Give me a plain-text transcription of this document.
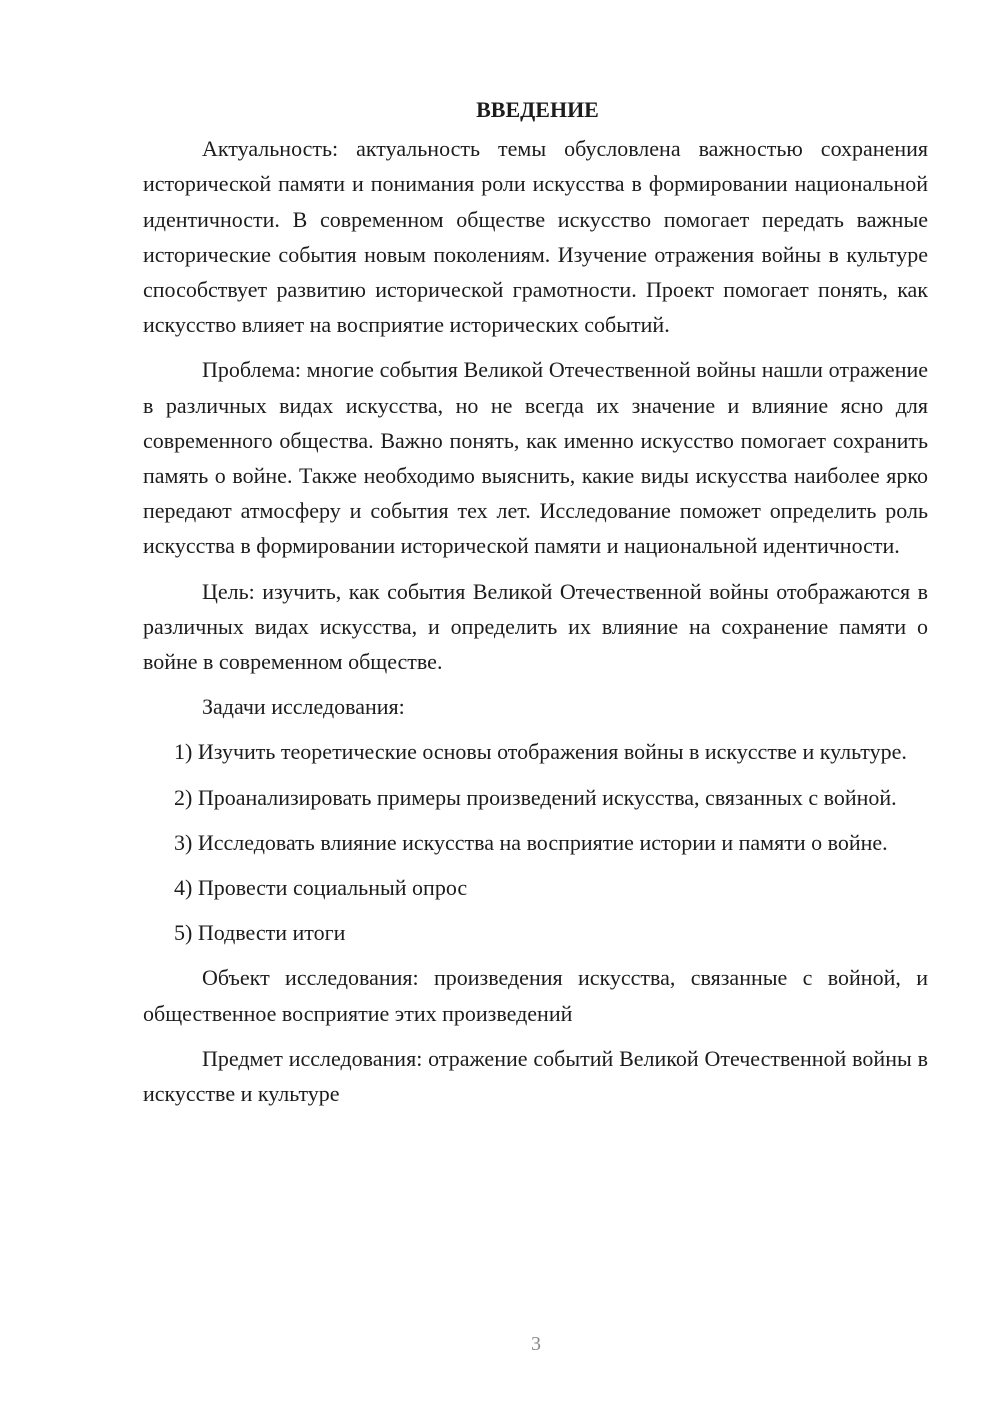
ВВЕДЕНИЕ

Актуальность: актуальность темы обусловлена важностью сохранения исторической памяти и понимания роли искусства в формировании национальной идентичности. В современном обществе искусство помогает передать важные исторические события новым поколениям. Изучение отражения войны в культуре способствует развитию исторической грамотности. Проект помогает понять, как искусство влияет на восприятие исторических событий.

Проблема: многие события Великой Отечественной войны нашли отражение в различных видах искусства, но не всегда их значение и влияние ясно для современного общества. Важно понять, как именно искусство помогает сохранить память о войне. Также необходимо выяснить, какие виды искусства наиболее ярко передают атмосферу и события тех лет. Исследование поможет определить роль искусства в формировании исторической памяти и национальной идентичности.

Цель: изучить, как события Великой Отечественной войны отображаются в различных видах искусства, и определить их влияние на сохранение памяти о войне в современном обществе.

Задачи исследования:

1) Изучить теоретические основы отображения войны в искусстве и культуре.

2) Проанализировать примеры произведений искусства, связанных с войной.

3) Исследовать влияние искусства на восприятие истории и памяти о войне.

4) Провести социальный опрос

5) Подвести итоги

Объект исследования: произведения искусства, связанные с войной, и общественное восприятие этих произведений

Предмет исследования: отражение событий Великой Отечественной войны в искусстве и культуре

3
